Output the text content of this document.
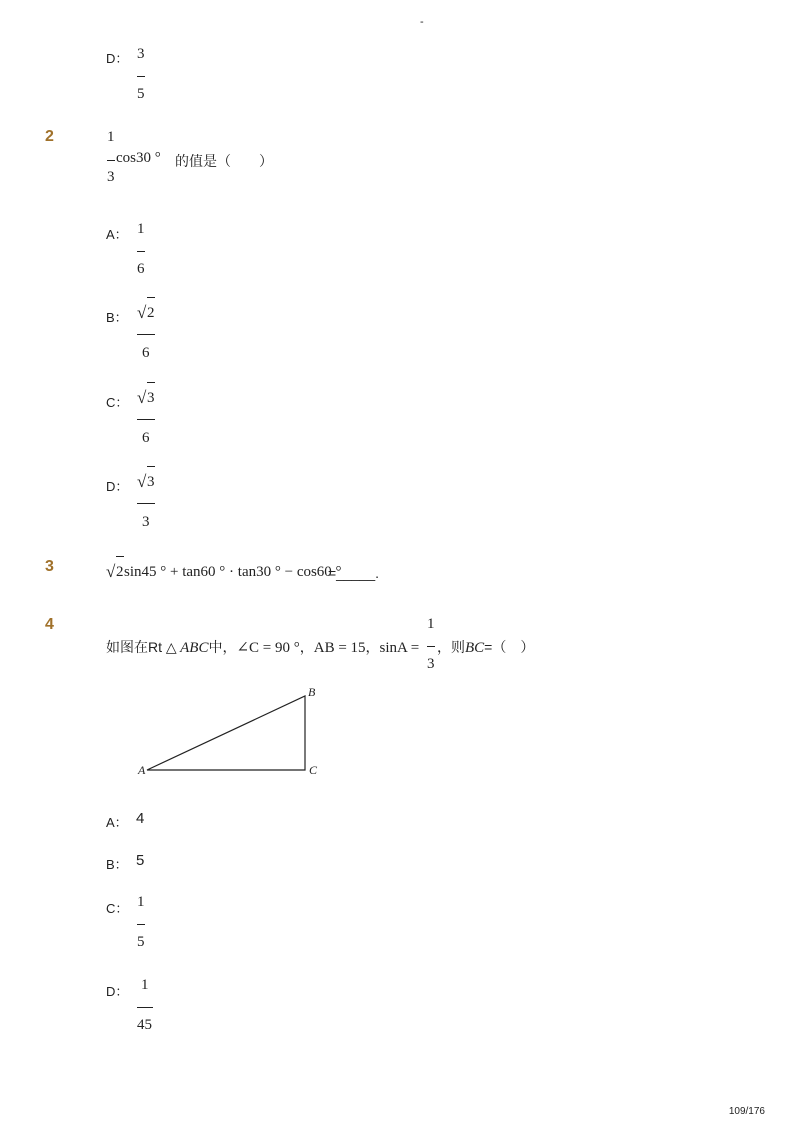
-
D： 3
5
2	1
3
cos30 ° 的值是（　　）
A： 1
6
B： √ 2
6
C： √ 3
6
D： √ 3
3
3	√ 2 sin45 ° + tan60 ° · tan30 ° − cos60 °
=_____.
4
如图在Rt △ ABC中，∠C = 90 °，AB = 15，sinA =
1
3
，则BC=（　）
A
B
C
A： 4
B： 5
C： 1
5
D： 1
45
109/176
